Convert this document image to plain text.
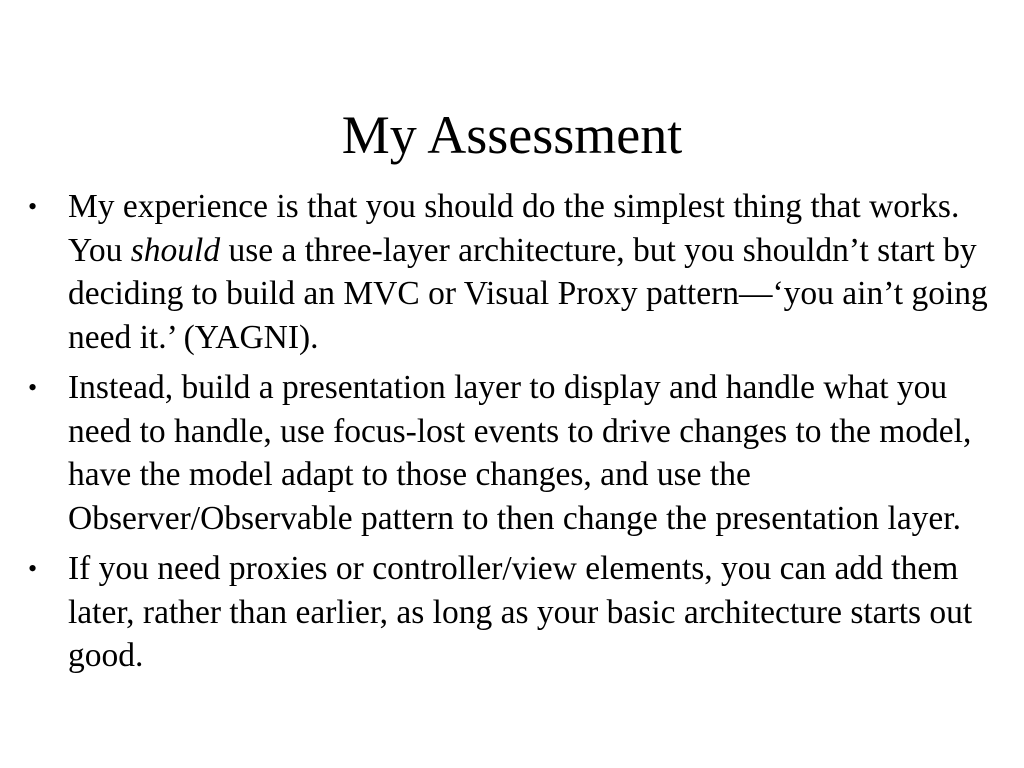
My Assessment
• My experience is that you should do the simplest thing that works. You should use a three-layer architecture, but you shouldn’t start by deciding to build an MVC or Visual Proxy pattern—‘you ain’t going need it.’ (YAGNI).
• Instead, build a presentation layer to display and handle what you need to handle, use focus-lost events to drive changes to the model, have the model adapt to those changes, and use the Observer/Observable pattern to then change the presentation layer.
• If you need proxies or controller/view elements, you can add them later, rather than earlier, as long as your basic architecture starts out good.
